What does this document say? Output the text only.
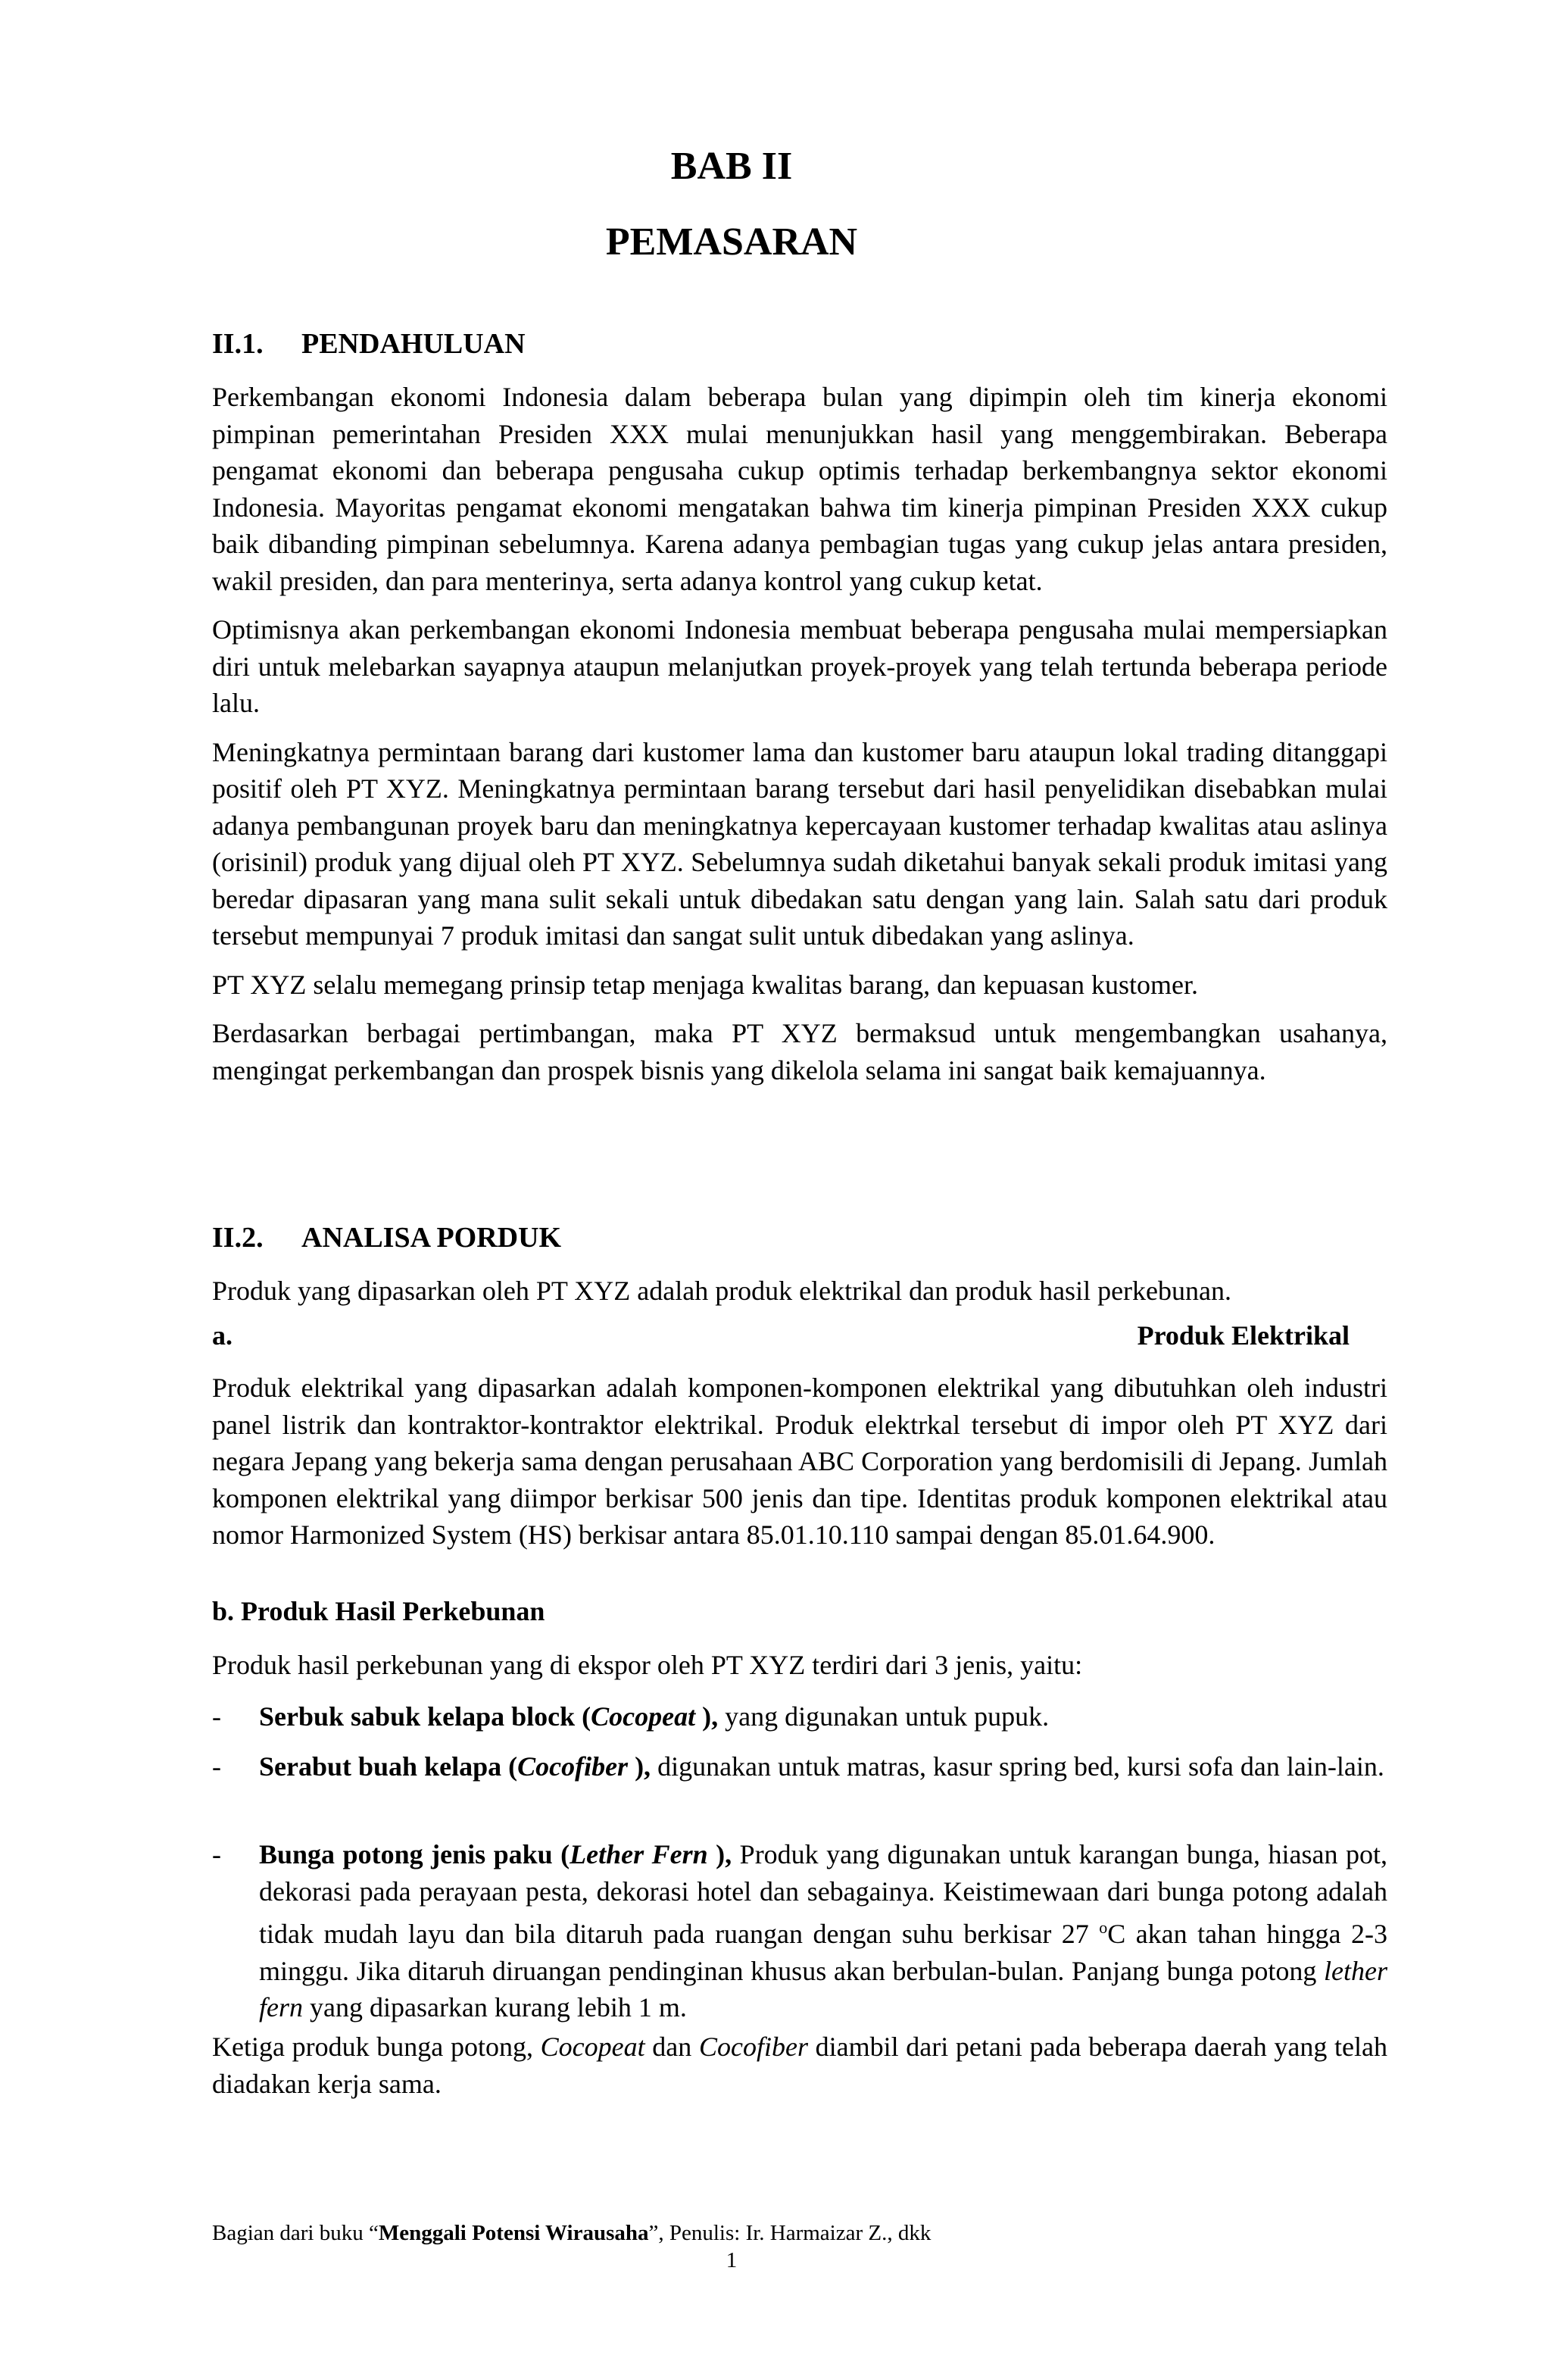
BAB II
PEMASARAN
II.1. PENDAHULUAN

Perkembangan ekonomi Indonesia dalam beberapa bulan yang dipimpin oleh tim kinerja ekonomi pimpinan pemerintahan Presiden XXX mulai menunjukkan hasil yang menggembirakan. Beberapa pengamat ekonomi dan beberapa pengusaha cukup optimis terhadap berkembangnya sektor ekonomi Indonesia. Mayoritas pengamat ekonomi mengatakan bahwa tim kinerja pimpinan Presiden XXX cukup baik dibanding pimpinan sebelumnya. Karena adanya pembagian tugas yang cukup jelas antara presiden, wakil presiden, dan para menterinya, serta adanya kontrol yang cukup ketat.

Optimisnya akan perkembangan ekonomi Indonesia membuat beberapa pengusaha mulai mempersiapkan diri untuk melebarkan sayapnya ataupun melanjutkan proyek-proyek yang telah tertunda beberapa periode lalu.

Meningkatnya permintaan barang dari kustomer lama dan kustomer baru ataupun lokal trading ditanggapi positif oleh PT XYZ. Meningkatnya permintaan barang tersebut dari hasil penyelidikan disebabkan mulai adanya pembangunan proyek baru dan meningkatnya kepercayaan kustomer terhadap kwalitas atau aslinya (orisinil) produk yang dijual oleh PT XYZ. Sebelumnya sudah diketahui banyak sekali produk imitasi yang beredar dipasaran yang mana sulit sekali untuk dibedakan satu dengan yang lain. Salah satu dari produk tersebut mempunyai 7 produk imitasi dan sangat sulit untuk dibedakan yang aslinya.

PT XYZ selalu memegang prinsip tetap menjaga kwalitas barang, dan kepuasan kustomer.

Berdasarkan berbagai pertimbangan, maka PT XYZ bermaksud untuk mengembangkan usahanya, mengingat perkembangan dan prospek bisnis yang dikelola selama ini sangat baik kemajuannya.

II.2. ANALISA PORDUK

Produk yang dipasarkan oleh PT XYZ adalah produk elektrikal dan produk hasil perkebunan.

a.	Produk Elektrikal

Produk elektrikal yang dipasarkan adalah komponen-komponen elektrikal yang dibutuhkan oleh industri panel listrik dan kontraktor-kontraktor elektrikal. Produk elektrkal tersebut di impor oleh PT XYZ dari negara Jepang yang bekerja sama dengan perusahaan ABC Corporation yang berdomisili di Jepang. Jumlah komponen elektrikal yang diimpor berkisar 500 jenis dan tipe. Identitas produk komponen elektrikal atau nomor Harmonized System (HS) berkisar antara 85.01.10.110 sampai dengan 85.01.64.900.

b. Produk Hasil Perkebunan

Produk hasil perkebunan yang di ekspor oleh PT XYZ terdiri dari 3 jenis, yaitu:

- Serbuk sabuk kelapa block (Cocopeat ), yang digunakan untuk pupuk.
- Serabut buah kelapa (Cocofiber ), digunakan untuk matras, kasur spring bed, kursi sofa dan lain-lain.
- Bunga potong jenis paku (Lether Fern ), Produk yang digunakan untuk karangan bunga, hiasan pot, dekorasi pada perayaan pesta, dekorasi hotel dan sebagainya. Keistimewaan dari bunga potong adalah tidak mudah layu dan bila ditaruh pada ruangan dengan suhu berkisar 27 $^o$C akan tahan hingga 2-3 minggu. Jika ditaruh diruangan pendinginan khusus akan berbulan-bulan. Panjang bunga potong lether fern yang dipasarkan kurang lebih 1 m.

Ketiga produk bunga potong, Cocopeat dan Cocofiber diambil dari petani pada beberapa daerah yang telah diadakan kerja sama.

Bagian dari buku “Menggali Potensi Wirausaha”, Penulis: Ir. Harmaizar Z., dkk
1
